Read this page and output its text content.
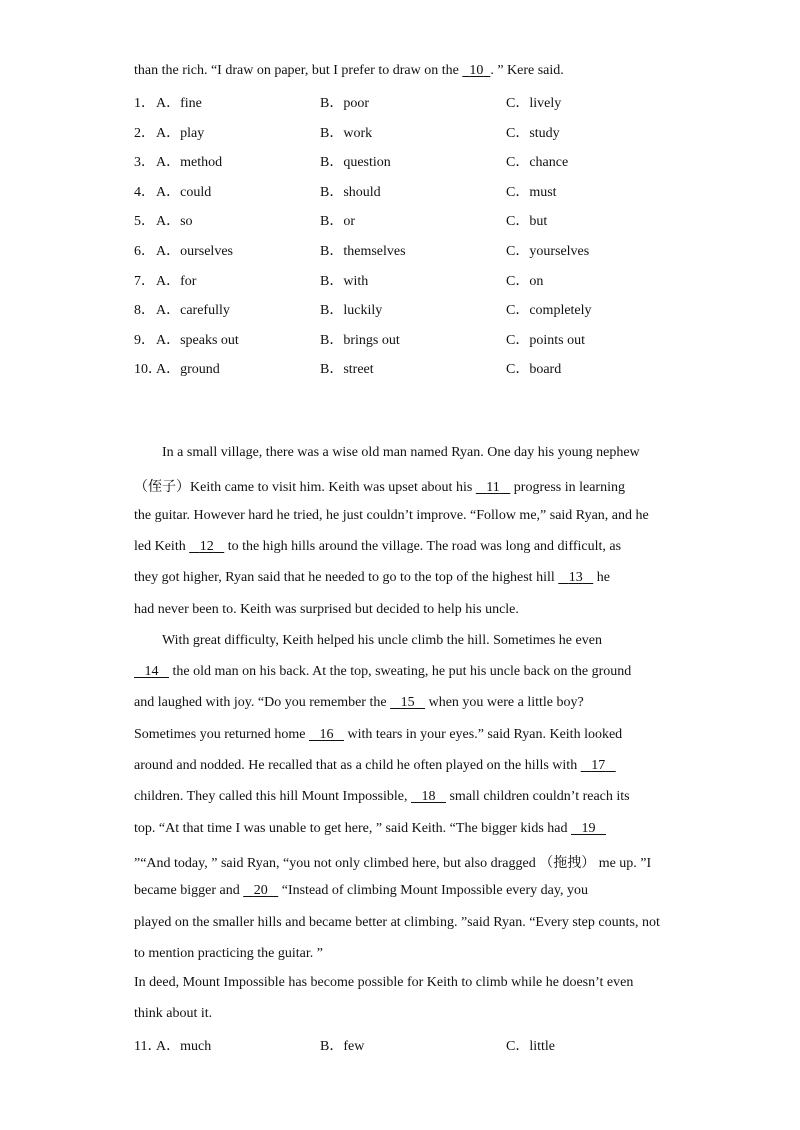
than the rich. “I draw on paper, but I prefer to draw on the   10 . ” Kere said.
1． A．fine	B．poor	C．lively
2． A．play	B．work	C．study
3． A．method	B．question	C．chance
4． A．could	B．should	C．must
5． A．so	B．or	C．but
6． A．ourselves	B．themselves	C．yourselves
7． A．for	B．with	C．on
8． A．carefully	B．luckily	C．completely
9． A．speaks out	B．brings out	C．points out
10．
A．ground	B．street	C．board
In a small village, there was a wise old man named Ryan. One day his young nephew
（侄子）Keith came to visit him. Keith was upset about his    11    progress in learning
the guitar. However hard he tried, he just couldn’t improve. “Follow me,” said Ryan, and he
led Keith    12    to the high hills around the village. The road was long and difficult, as
they got higher, Ryan said that he needed to go to the top of the highest hill    13    he
had never been to. Keith was surprised but decided to help his uncle.
With great difficulty, Keith helped his uncle climb the hill. Sometimes he even
14    the old man on his back. At the top, sweating, he put his uncle back on the ground
and laughed with joy. “Do you remember the    15    when you were a little boy?
Sometimes you returned home    16    with tears in your eyes.” said Ryan. Keith looked
around and nodded. He recalled that as a child he often played on the hills with    17
children. They called this hill Mount Impossible,    18    small children couldn’t reach its
top. “At that time I was unable to get here, ” said Keith. “The bigger kids had    19
”“And today, ” said Ryan, “you not only climbed here, but also dragged （拖拽） me up. ”I
became bigger and    20    “Instead of climbing Mount Impossible every day, you
played on the smaller hills and became better at climbing. ”said Ryan. “Every step counts, not
to mention practicing the guitar. ”
In deed, Mount Impossible has become possible for Keith to climb while he doesn’t even
think about it.
11．
A．much	B．few	C．little
